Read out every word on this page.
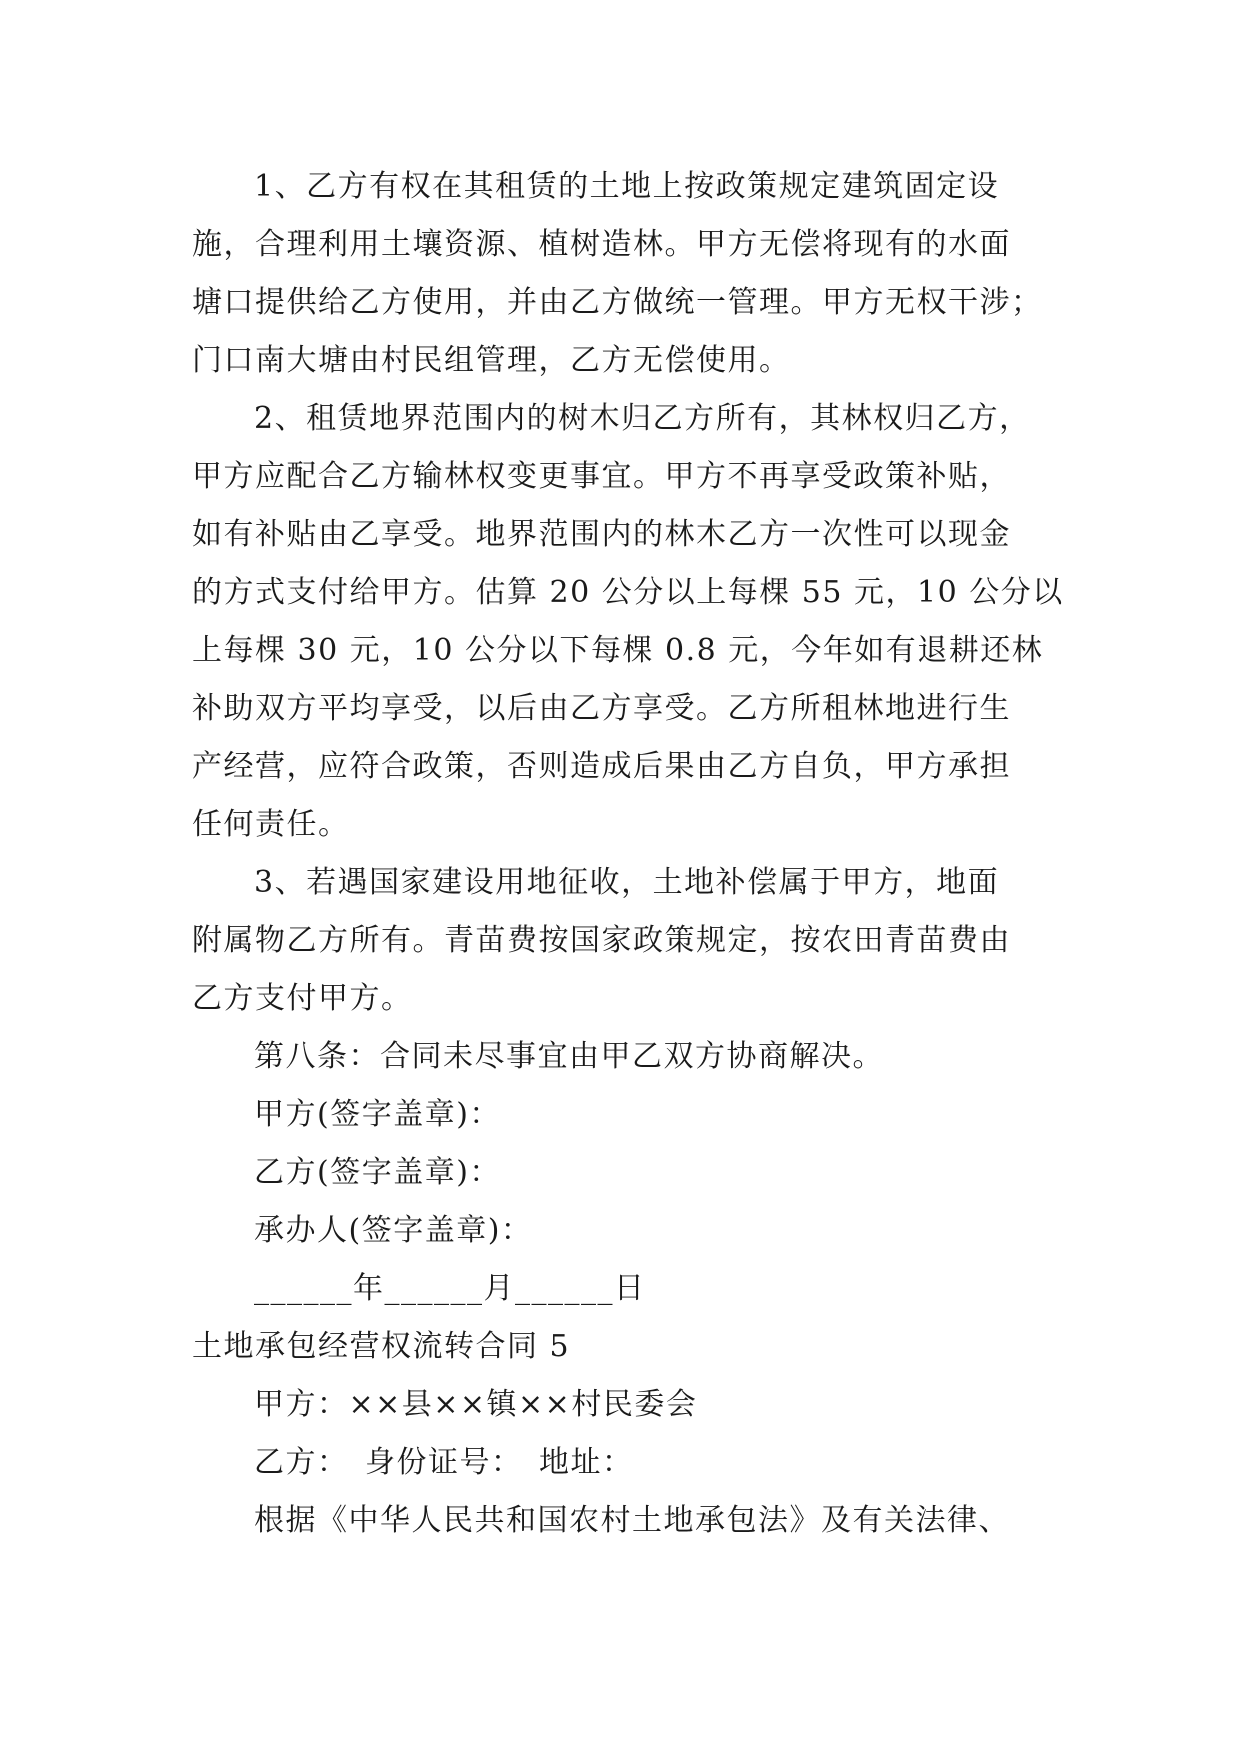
1、乙方有权在其租赁的土地上按政策规定建筑固定设
施，合理利用土壤资源、植树造林。甲方无偿将现有的水面
塘口提供给乙方使用，并由乙方做统一管理。甲方无权干涉；
门口南大塘由村民组管理，乙方无偿使用。
2、租赁地界范围内的树木归乙方所有，其林权归乙方，
甲方应配合乙方输林权变更事宜。甲方不再享受政策补贴，
如有补贴由乙享受。地界范围内的林木乙方一次性可以现金
的方式支付给甲方。估算 20 公分以上每棵 55 元，10 公分以
上每棵 30 元，10 公分以下每棵 0.8 元，今年如有退耕还林
补助双方平均享受，以后由乙方享受。乙方所租林地进行生
产经营，应符合政策，否则造成后果由乙方自负，甲方承担
任何责任。
3、若遇国家建设用地征收，土地补偿属于甲方，地面
附属物乙方所有。青苗费按国家政策规定，按农田青苗费由
乙方支付甲方。
第八条：合同未尽事宜由甲乙双方协商解决。
甲方(签字盖章)：
乙方(签字盖章)：
承办人(签字盖章)：
______年______月______日
土地承包经营权流转合同 5
甲方：××县××镇××村民委会
乙方：　身份证号：　地址：
根据《中华人民共和国农村土地承包法》及有关法律、
